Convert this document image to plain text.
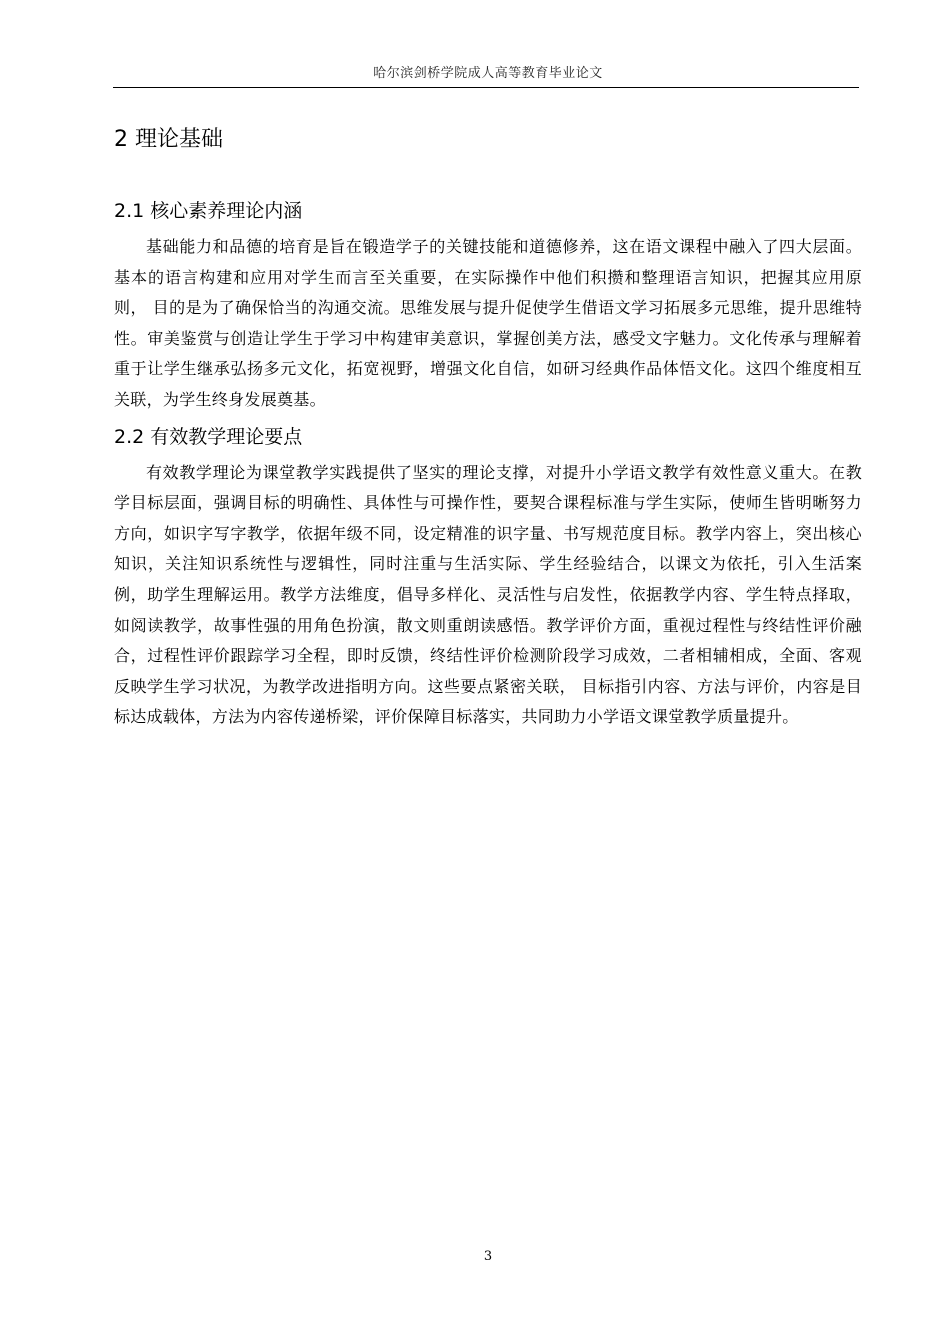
哈尔滨剑桥学院成人高等教育毕业论文
2 理论基础
2.1 核心素养理论内涵

基础能力和品德的培育是旨在锻造学子的关键技能和道德修养，这在语文课程中融入了四大层面。基本的语言构建和应用对学生而言至关重要，在实际操作中他们积攒和整理语言知识，把握其应用原则， 目的是为了确保恰当的沟通交流。思维发展与提升促使学生借语文学习拓展多元思维，提升思维特性。审美鉴赏与创造让学生于学习中构建审美意识，掌握创美方法，感受文字魅力。文化传承与理解着重于让学生继承弘扬多元文化，拓宽视野，增强文化自信，如研习经典作品体悟文化。这四个维度相互关联，为学生终身发展奠基。

2.2 有效教学理论要点

有效教学理论为课堂教学实践提供了坚实的理论支撑，对提升小学语文教学有效性意义重大。在教学目标层面，强调目标的明确性、具体性与可操作性，要契合课程标准与学生实际，使师生皆明晰努力方向，如识字写字教学，依据年级不同，设定精准的识字量、书写规范度目标。教学内容上，突出核心知识，关注知识系统性与逻辑性，同时注重与生活实际、学生经验结合，以课文为依托，引入生活案例，助学生理解运用。教学方法维度，倡导多样化、灵活性与启发性，依据教学内容、学生特点择取，如阅读教学，故事性强的用角色扮演，散文则重朗读感悟。教学评价方面，重视过程性与终结性评价融合，过程性评价跟踪学习全程，即时反馈，终结性评价检测阶段学习成效，二者相辅相成，全面、客观反映学生学习状况，为教学改进指明方向。这些要点紧密关联， 目标指引内容、方法与评价，内容是目标达成载体，方法为内容传递桥梁，评价保障目标落实，共同助力小学语文课堂教学质量提升。

3
